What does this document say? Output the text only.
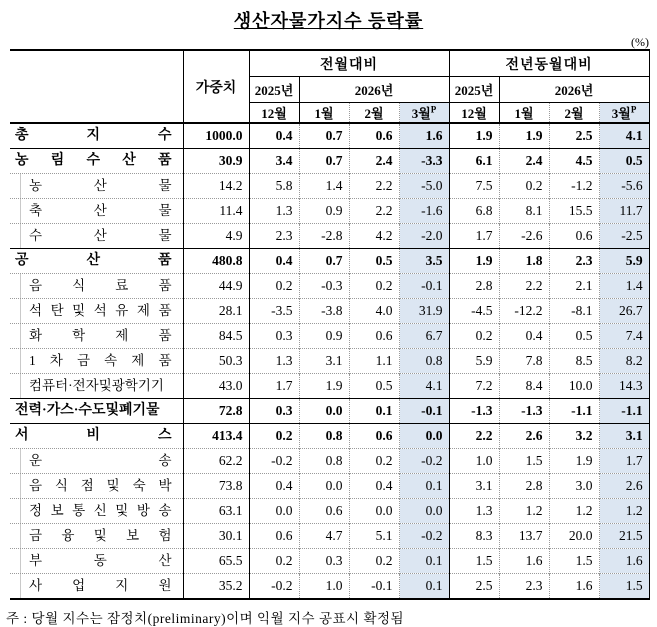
생산자물가지수 등락률
(%)
	가중치	전월대비				전년동월대비			
		2025년	2026년			2025년	2026년		
		12월	1월	2월	3월$^P$	12월	1월	2월	3월$^P$

총 지 수	1000.0	0.4	0.7	0.6	1.6	1.9	1.9	2.5	4.1

농 림 수 산 품	30.9	3.4	0.7	2.4	-3.3	6.1	2.4	4.5	0.5

농 산 물	14.2	5.8	1.4	2.2	-5.0	7.5	0.2	-1.2	-5.6

축 산 물	11.4	1.3	0.9	2.2	-1.6	6.8	8.1	15.5	11.7

수 산 물	4.9	2.3	-2.8	4.2	-2.0	1.7	-2.6	0.6	-2.5

공 산 품	480.8	0.4	0.7	0.5	3.5	1.9	1.8	2.3	5.9

음 식 료 품	44.9	0.2	-0.3	0.2	-0.1	2.8	2.2	2.1	1.4

석 탄 및 석 유 제 품	28.1	-3.5	-3.8	4.0	31.9	-4.5	-12.2	-8.1	26.7

화 학 제 품	84.5	0.3	0.9	0.6	6.7	0.2	0.4	0.5	7.4

1 차 금 속 제 품	50.3	1.3	3.1	1.1	0.8	5.9	7.8	8.5	8.2

컴퓨터·전자및광학기기	43.0	1.7	1.9	0.5	4.1	7.2	8.4	10.0	14.3

전력·가스·수도및폐기물	72.8	0.3	0.0	0.1	-0.1	-1.3	-1.3	-1.1	-1.1

서 비 스	413.4	0.2	0.8	0.6	0.0	2.2	2.6	3.2	3.1

운 송	62.2	-0.2	0.8	0.2	-0.2	1.0	1.5	1.9	1.7

음 식 점 및 숙 박	73.8	0.4	0.0	0.4	0.1	3.1	2.8	3.0	2.6

정 보 통 신 및 방 송	63.1	0.0	0.6	0.0	0.0	1.3	1.2	1.2	1.2

금 융 및 보 험	30.1	0.6	4.7	5.1	-0.2	8.3	13.7	20.0	21.5

부 동 산	65.5	0.2	0.3	0.2	0.1	1.5	1.6	1.5	1.6

사 업 지 원	35.2	-0.2	1.0	-0.1	0.1	2.5	2.3	1.6	1.5
주 : 당월 지수는 잠정치(preliminary)이며 익월 지수 공표시 확정됨
